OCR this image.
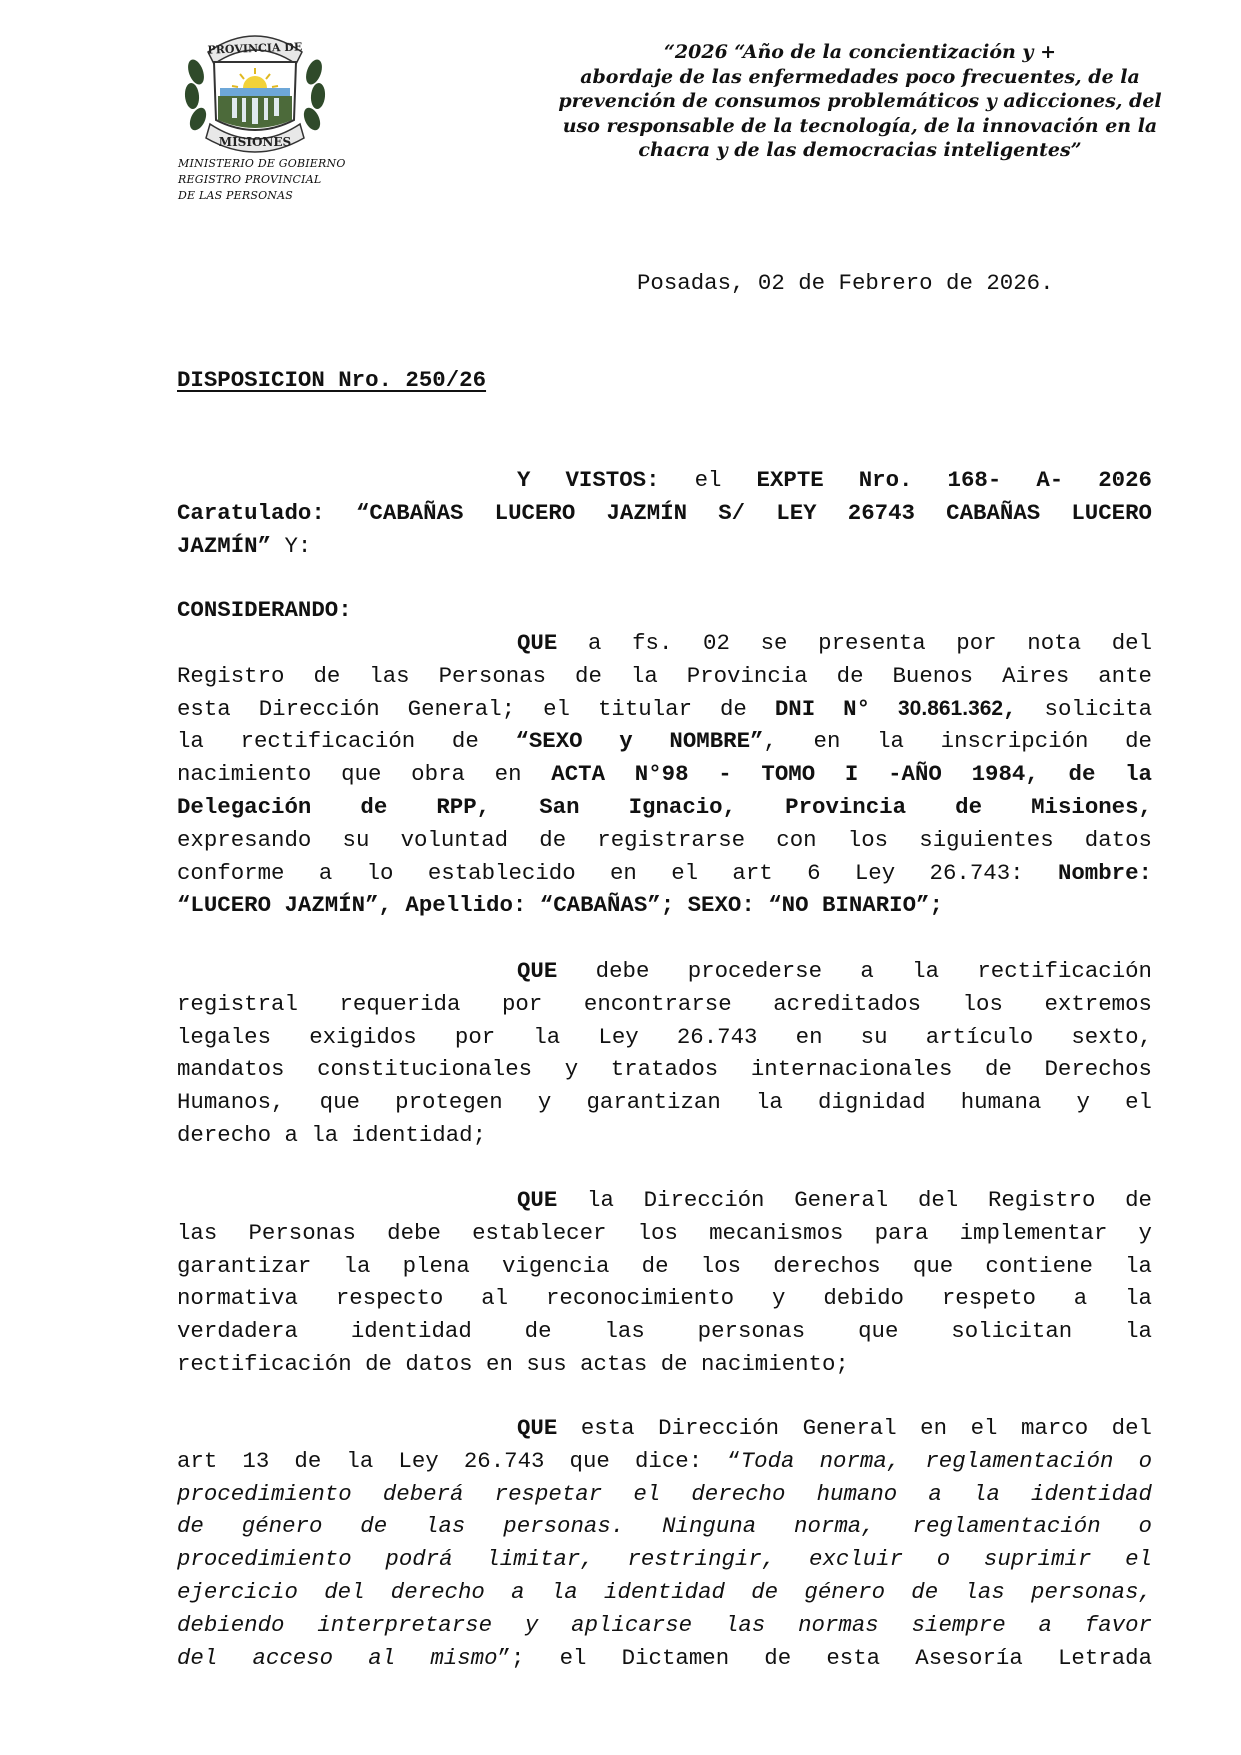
PROVINCIA DE
MISIONES
MINISTERIO DE GOBIERNO
REGISTRO PROVINCIAL
DE LAS PERSONAS
“2026 “Año de la concientización y +
abordaje de las enfermedades poco frecuentes, de la
prevención de consumos problemáticos y adicciones, del
uso responsable de la tecnología, de la innovación en la
chacra y de las democracias inteligentes”
Posadas, 02 de Febrero de 2026.
DISPOSICION Nro. 250/26
Y VISTOS: el EXPTE Nro. 168- A- 2026
Caratulado: “CABAÑAS LUCERO JAZMÍN S/ LEY 26743 CABAÑAS LUCERO
JAZMÍN” Y:
CONSIDERANDO:
QUE a fs. 02 se presenta por nota del
Registro de las Personas de la Provincia de Buenos Aires ante
esta Dirección General; el titular de DNI N° 30.861.362, solicita
la rectificación de “SEXO y NOMBRE”, en la inscripción de
nacimiento que obra en ACTA N°98 - TOMO I -AÑO 1984, de la
Delegación de RPP, San Ignacio, Provincia de Misiones,
expresando su voluntad de registrarse con los siguientes datos
conforme a lo establecido en el art 6 Ley 26.743: Nombre:
“LUCERO JAZMÍN”, Apellido: “CABAÑAS”; SEXO: “NO BINARIO”;
QUE debe procederse a la rectificación
registral requerida por encontrarse acreditados los extremos
legales exigidos por la Ley 26.743 en su artículo sexto,
mandatos constitucionales y tratados internacionales de Derechos
Humanos, que protegen y garantizan la dignidad humana y el
derecho a la identidad;
QUE la Dirección General del Registro de
las Personas debe establecer los mecanismos para implementar y
garantizar la plena vigencia de los derechos que contiene la
normativa respecto al reconocimiento y debido respeto a la
verdadera identidad de las personas que solicitan la
rectificación de datos en sus actas de nacimiento;
QUE esta Dirección General en el marco del
art 13 de la Ley 26.743 que dice: “Toda norma, reglamentación o
procedimiento deberá respetar el derecho humano a la identidad
de género de las personas. Ninguna norma, reglamentación o
procedimiento podrá limitar, restringir, excluir o suprimir el
ejercicio del derecho a la identidad de género de las personas,
debiendo interpretarse y aplicarse las normas siempre a favor
del acceso al mismo”; el Dictamen de esta Asesoría Letrada
